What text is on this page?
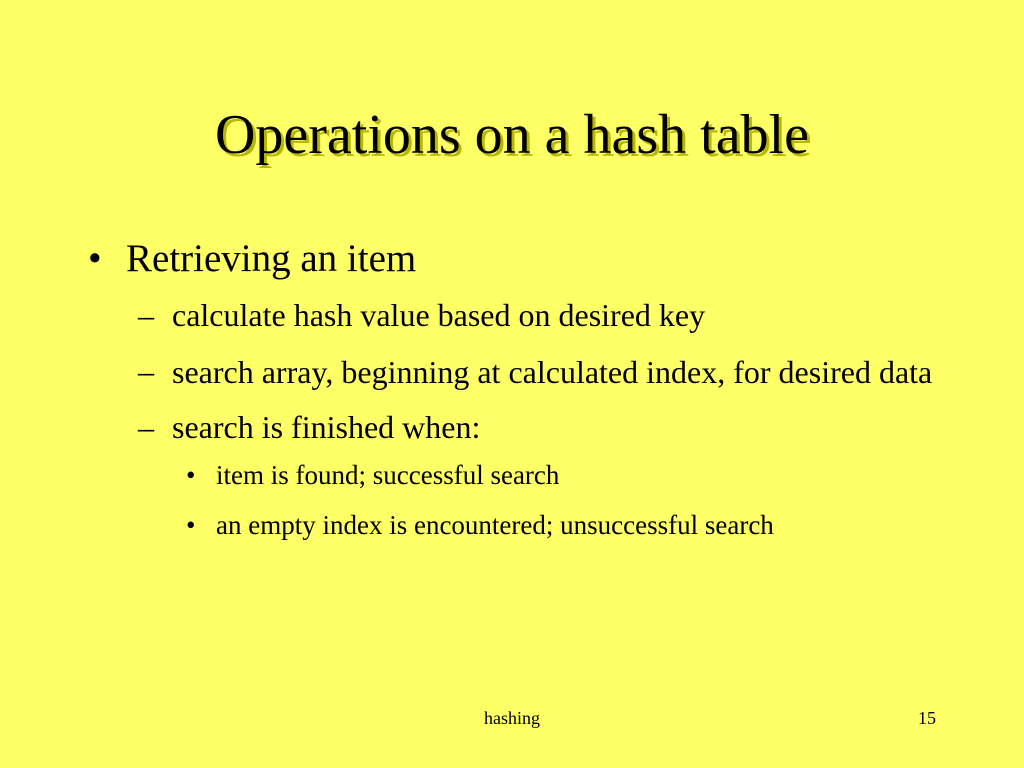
Operations on a hash table
• Retrieving an item
– calculate hash value based on desired key
– search array, beginning at calculated index, for desired data
– search is finished when:
• item is found; successful search
• an empty index is encountered; unsuccessful search
hashing	15
